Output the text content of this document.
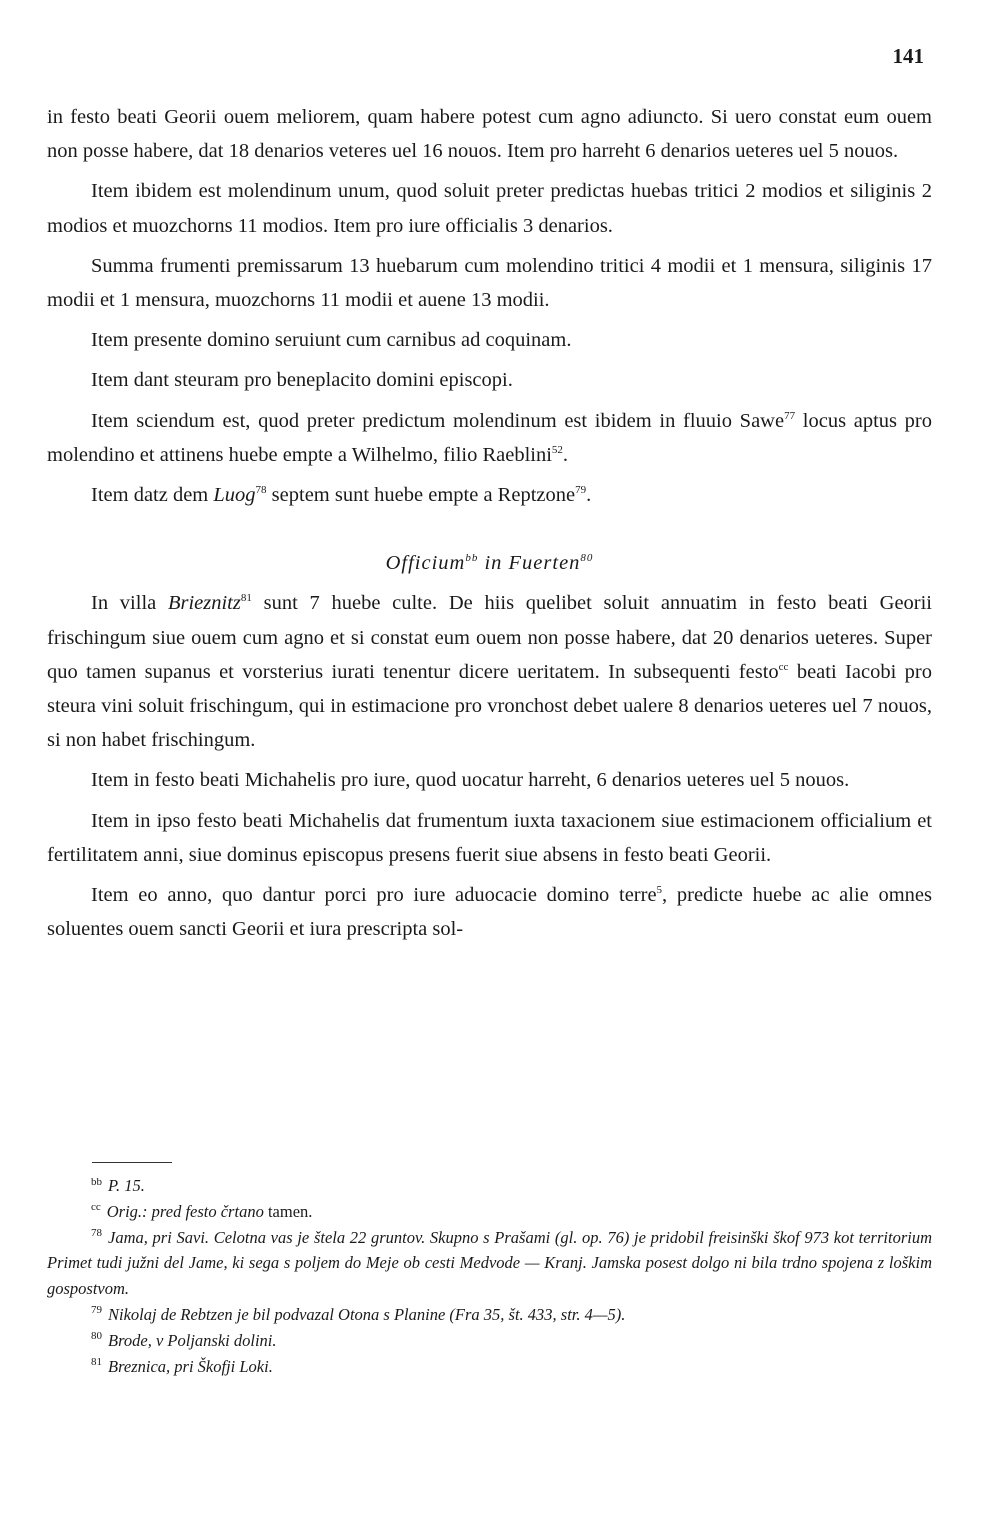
141

in festo beati Georii ouem meliorem, quam habere potest cum agno adiuncto. Si uero constat eum ouem non posse habere, dat 18 denarios veteres uel 16 nouos. Item pro harreht 6 denarios ueteres uel 5 nouos.

Item ibidem est molendinum unum, quod soluit preter predictas huebas tritici 2 modios et siliginis 2 modios et muozchorns 11 modios. Item pro iure officialis 3 denarios.

Summa frumenti premissarum 13 huebarum cum molendino tritici 4 modii et 1 mensura, siliginis 17 modii et 1 mensura, muozchorns 11 modii et auene 13 modii.

Item presente domino seruiunt cum carnibus ad coquinam.

Item dant steuram pro beneplacito domini episcopi.

Item sciendum est, quod preter predictum molendinum est ibidem in fluuio Sawe$^{77}$ locus aptus pro molendino et attinens huebe empte a Wilhelmo, filio Raeblini$^{52}$.

Item datz dem Luog$^{78}$ septem sunt huebe empte a Reptzone$^{79}$.

Officium$^{bb}$ in Fuerten$^{80}$

In villa Brieznitz$^{81}$ sunt 7 huebe culte. De hiis quelibet soluit annuatim in festo beati Georii frischingum siue ouem cum agno et si constat eum ouem non posse habere, dat 20 denarios ueteres. Super quo tamen supanus et vorsterius iurati tenentur dicere ueritatem. In subsequenti festo$^{cc}$ beati Iacobi pro steura vini soluit frischingum, qui in estimacione pro vronchost debet ualere 8 denarios ueteres uel 7 nouos, si non habet frischingum.

Item in festo beati Michahelis pro iure, quod uocatur harreht, 6 denarios ueteres uel 5 nouos.

Item in ipso festo beati Michahelis dat frumentum iuxta taxacionem siue estimacionem officialium et fertilitatem anni, siue dominus episcopus presens fuerit siue absens in festo beati Georii.

Item eo anno, quo dantur porci pro iure aduocacie domino terre$^5$, predicte huebe ac alie omnes soluentes ouem sancti Georii et iura prescripta sol-

$^{bb}$ P. 15.

$^{cc}$ Orig.: pred festo črtano tamen.

$^{78}$ Jama, pri Savi. Celotna vas je štela 22 gruntov. Skupno s Prašami (gl. op. 76) je pridobil freisinški škof 973 kot territorium Primet tudi južni del Jame, ki sega s poljem do Meje ob cesti Medvode — Kranj. Jamska posest dolgo ni bila trdno spojena z loškim gospostvom.

$^{79}$ Nikolaj de Rebtzen je bil podvazal Otona s Planine (Fra 35, št. 433, str. 4—5).

$^{80}$ Brode, v Poljanski dolini.

$^{81}$ Breznica, pri Škofji Loki.
